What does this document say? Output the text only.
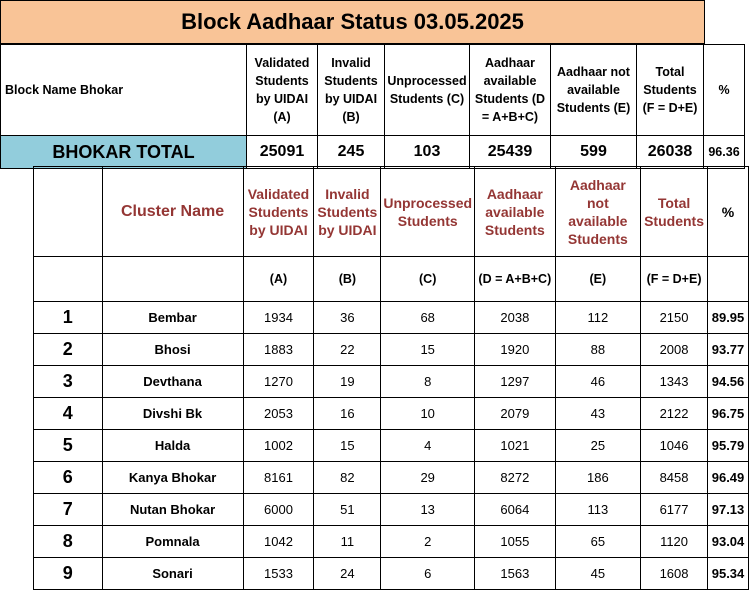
Block Aadhaar Status 03.05.2025
Block Name Bhokar	Validated Students by UIDAI (A)	Invalid Students by UIDAI (B)	Unprocessed Students (C)	Aadhaar available Students (D = A+B+C)	Aadhaar not available Students (E)	Total Students (F = D+E)	%
BHOKAR TOTAL	25091	245	103	25439	599	26038	96.36
	Cluster Name	Validated Students by UIDAI	Invalid Students by UIDAI	Unprocessed Students	Aadhaar available Students	Aadhaar not available Students	Total Students	%
		(A)	(B)	(C)	(D = A+B+C)	(E)	(F = D+E)	
1	Bembar	1934	36	68	2038	112	2150	89.95
2	Bhosi	1883	22	15	1920	88	2008	93.77
3	Devthana	1270	19	8	1297	46	1343	94.56
4	Divshi Bk	2053	16	10	2079	43	2122	96.75
5	Halda	1002	15	4	1021	25	1046	95.79
6	Kanya Bhokar	8161	82	29	8272	186	8458	96.49
7	Nutan Bhokar	6000	51	13	6064	113	6177	97.13
8	Pomnala	1042	11	2	1055	65	1120	93.04
9	Sonari	1533	24	6	1563	45	1608	95.34
